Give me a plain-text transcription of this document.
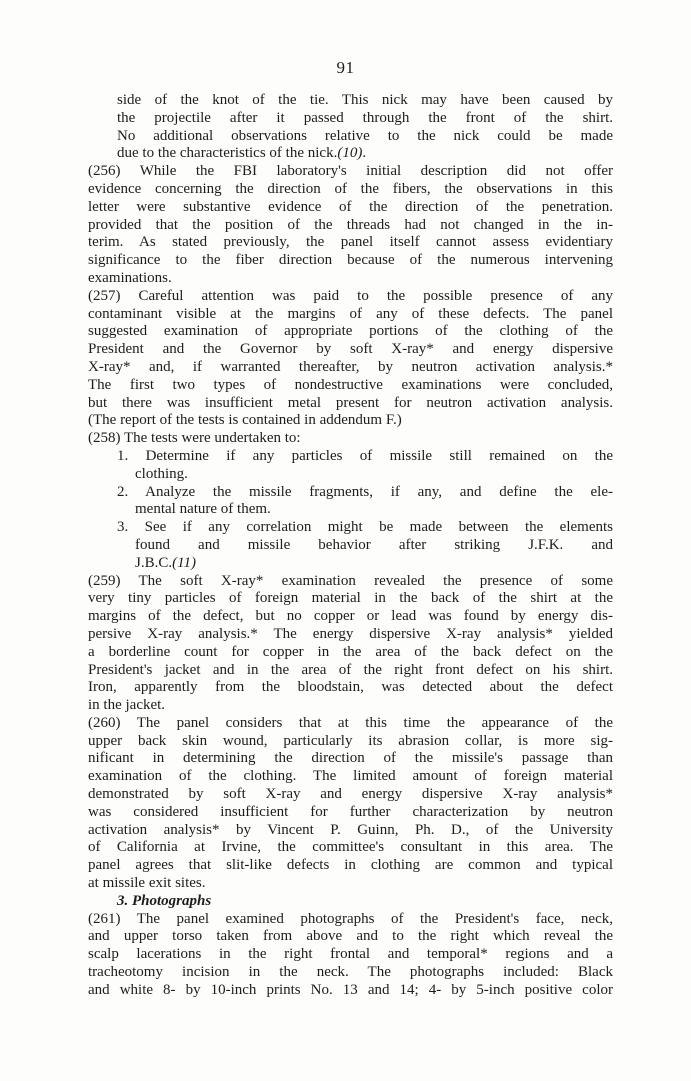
91
side of the knot of the tie. This nick may have been caused by
the projectile after it passed through the front of the shirt.
No additional observations relative to the nick could be made
due to the characteristics of the nick.(10).
(256) While the FBI laboratory's initial description did not offer
evidence concerning the direction of the fibers, the observations in this
letter were substantive evidence of the direction of the penetration.
provided that the position of the threads had not changed in the in-
terim. As stated previously, the panel itself cannot assess evidentiary
significance to the fiber direction because of the numerous intervening
examinations.
(257) Careful attention was paid to the possible presence of any
contaminant visible at the margins of any of these defects. The panel
suggested examination of appropriate portions of the clothing of the
President and the Governor by soft X-ray* and energy dispersive
X-ray* and, if warranted thereafter, by neutron activation analysis.*
The first two types of nondestructive examinations were concluded,
but there was insufficient metal present for neutron activation analysis.
(The report of the tests is contained in addendum F.)
(258) The tests were undertaken to:
1. Determine if any particles of missile still remained on the
clothing.
2. Analyze the missile fragments, if any, and define the ele-
mental nature of them.
3. See if any correlation might be made between the elements
found and missile behavior after striking J.F.K. and
J.B.C.(11)
(259) The soft X-ray* examination revealed the presence of some
very tiny particles of foreign material in the back of the shirt at the
margins of the defect, but no copper or lead was found by energy dis-
persive X-ray analysis.* The energy dispersive X-ray analysis* yielded
a borderline count for copper in the area of the back defect on the
President's jacket and in the area of the right front defect on his shirt.
Iron, apparently from the bloodstain, was detected about the defect
in the jacket.
(260) The panel considers that at this time the appearance of the
upper back skin wound, particularly its abrasion collar, is more sig-
nificant in determining the direction of the missile's passage than
examination of the clothing. The limited amount of foreign material
demonstrated by soft X-ray and energy dispersive X-ray analysis*
was considered insufficient for further characterization by neutron
activation analysis* by Vincent P. Guinn, Ph. D., of the University
of California at Irvine, the committee's consultant in this area. The
panel agrees that slit-like defects in clothing are common and typical
at missile exit sites.
3. Photographs
(261) The panel examined photographs of the President's face, neck,
and upper torso taken from above and to the right which reveal the
scalp lacerations in the right frontal and temporal* regions and a
tracheotomy incision in the neck. The photographs included: Black
and white 8- by 10-inch prints No. 13 and 14; 4- by 5-inch positive color
